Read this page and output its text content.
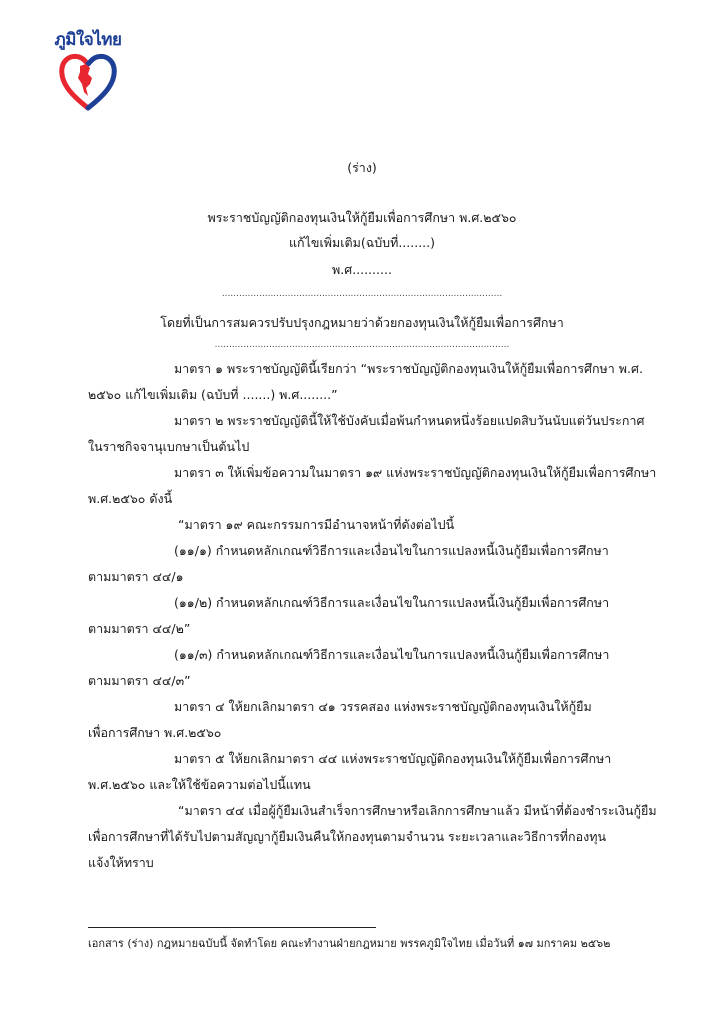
ภูมิใจไทย
(ร่าง)
พระราชบัญญัติกองทุนเงินให้กู้ยืมเพื่อการศึกษา พ.ศ.๒๕๖๐
แก้ไขเพิ่มเติม(ฉบับที่........)
พ.ศ..........
..................................................................................................
โดยที่เป็นการสมควรปรับปรุงกฎหมายว่าด้วยกองทุนเงินให้กู้ยืมเพื่อการศึกษา
.......................................................................................................
มาตรา ๑ พระราชบัญญัตินี้เรียกว่า “พระราชบัญญัติกองทุนเงินให้กู้ยืมเพื่อการศึกษา พ.ศ.
๒๕๖๐ แก้ไขเพิ่มเติม (ฉบับที่ .......) พ.ศ........”
มาตรา ๒ พระราชบัญญัตินี้ให้ใช้บังคับเมื่อพ้นกำหนดหนึ่งร้อยแปดสิบวันนับแต่วันประกาศ
ในราชกิจจานุเบกษาเป็นต้นไป
มาตรา ๓ ให้เพิ่มข้อความในมาตรา ๑๙ แห่งพระราชบัญญัติกองทุนเงินให้กู้ยืมเพื่อการศึกษา
พ.ศ.๒๕๖๐ ดังนี้
“มาตรา ๑๙ คณะกรรมการมีอำนาจหน้าที่ดังต่อไปนี้
(๑๑/๑) กำหนดหลักเกณฑ์วิธีการและเงื่อนไขในการแปลงหนี้เงินกู้ยืมเพื่อการศึกษา
ตามมาตรา ๔๔/๑
(๑๑/๒) กำหนดหลักเกณฑ์วิธีการและเงื่อนไขในการแปลงหนี้เงินกู้ยืมเพื่อการศึกษา
ตามมาตรา ๔๔/๒”
(๑๑/๓) กำหนดหลักเกณฑ์วิธีการและเงื่อนไขในการแปลงหนี้เงินกู้ยืมเพื่อการศึกษา
ตามมาตรา ๔๔/๓”
มาตรา ๔ ให้ยกเลิกมาตรา ๔๑ วรรคสอง แห่งพระราชบัญญัติกองทุนเงินให้กู้ยืม
เพื่อการศึกษา พ.ศ.๒๕๖๐
มาตรา ๕ ให้ยกเลิกมาตรา ๔๔ แห่งพระราชบัญญัติกองทุนเงินให้กู้ยืมเพื่อการศึกษา
พ.ศ.๒๕๖๐ และให้ใช้ข้อความต่อไปนี้แทน
“มาตรา ๔๔ เมื่อผู้กู้ยืมเงินสำเร็จการศึกษาหรือเลิกการศึกษาแล้ว มีหน้าที่ต้องชำระเงินกู้ยืม
เพื่อการศึกษาที่ได้รับไปตามสัญญากู้ยืมเงินคืนให้กองทุนตามจำนวน ระยะเวลาและวิธีการที่กองทุน
แจ้งให้ทราบ
เอกสาร (ร่าง) กฎหมายฉบับนี้ จัดทำโดย คณะทำงานฝ่ายกฎหมาย พรรคภูมิใจไทย เมื่อวันที่ ๑๗ มกราคม ๒๕๖๒
